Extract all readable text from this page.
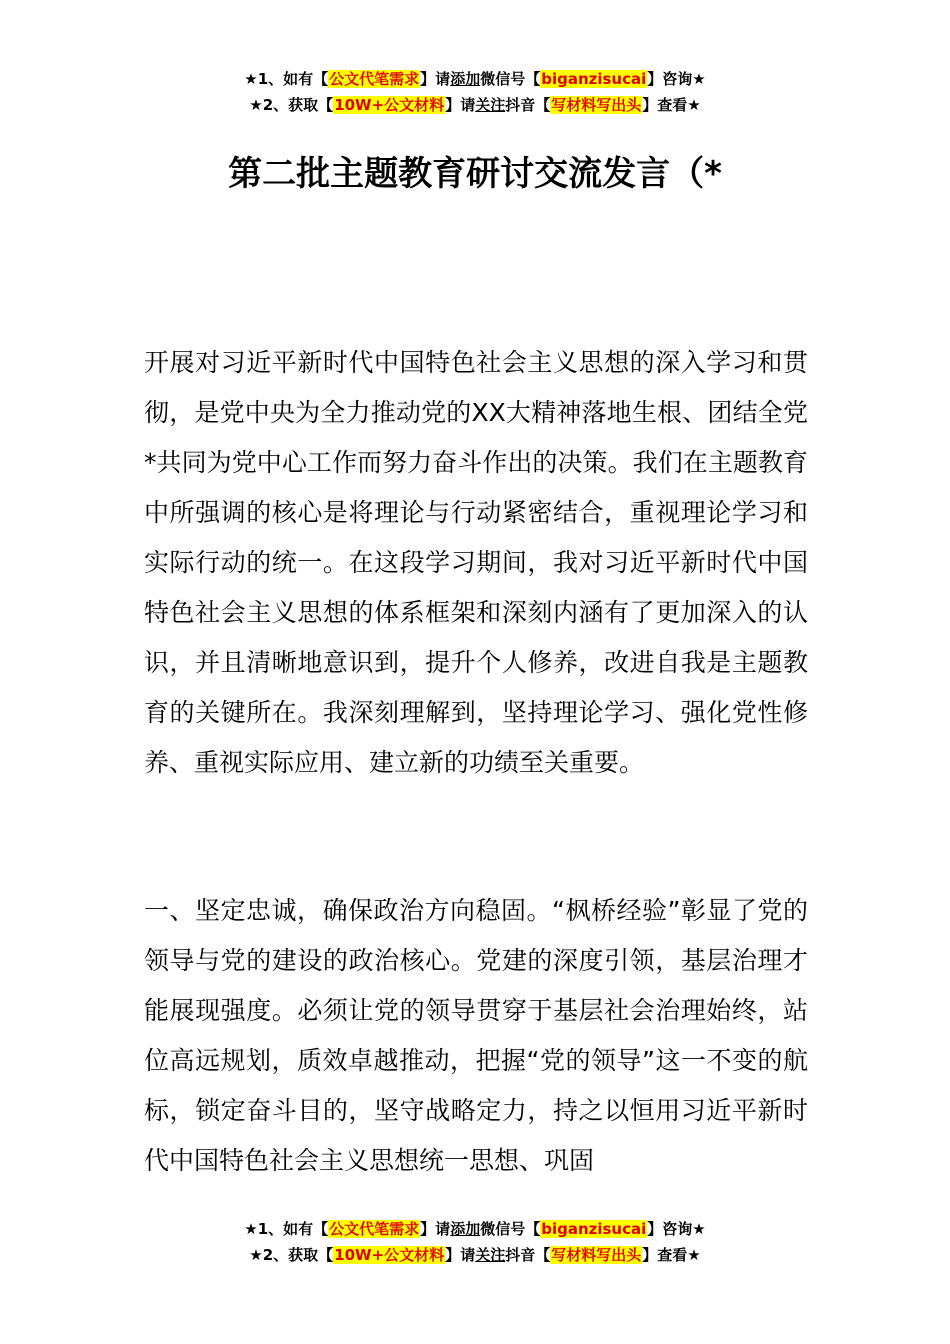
★1、如有【公文代笔需求】请添加微信号【biganzisucai】咨询★
★2、获取【10W+公文材料】请关注抖音【写材料写出头】查看★
第二批主题教育研讨交流发言（*

开展对习近平新时代中国特色社会主义思想的深入学习和贯彻，是党中央为全力推动党的XX大精神落地生根、团结全党*共同为党中心工作而努力奋斗作出的决策。我们在主题教育中所强调的核心是将理论与行动紧密结合，重视理论学习和实际行动的统一。在这段学习期间，我对习近平新时代中国特色社会主义思想的体系框架和深刻内涵有了更加深入的认识，并且清晰地意识到，提升个人修养，改进自我是主题教育的关键所在。我深刻理解到，坚持理论学习、强化党性修养、重视实际应用、建立新的功绩至关重要。

一、坚定忠诚，确保政治方向稳固。“枫桥经验”彰显了党的领导与党的建设的政治核心。党建的深度引领，基层治理才能展现强度。必须让党的领导贯穿于基层社会治理始终，站位高远规划，质效卓越推动，把握“党的领导”这一不变的航标，锁定奋斗目的，坚守战略定力，持之以恒用习近平新时代中国特色社会主义思想统一思想、巩固

★1、如有【公文代笔需求】请添加微信号【biganzisucai】咨询★
★2、获取【10W+公文材料】请关注抖音【写材料写出头】查看★
